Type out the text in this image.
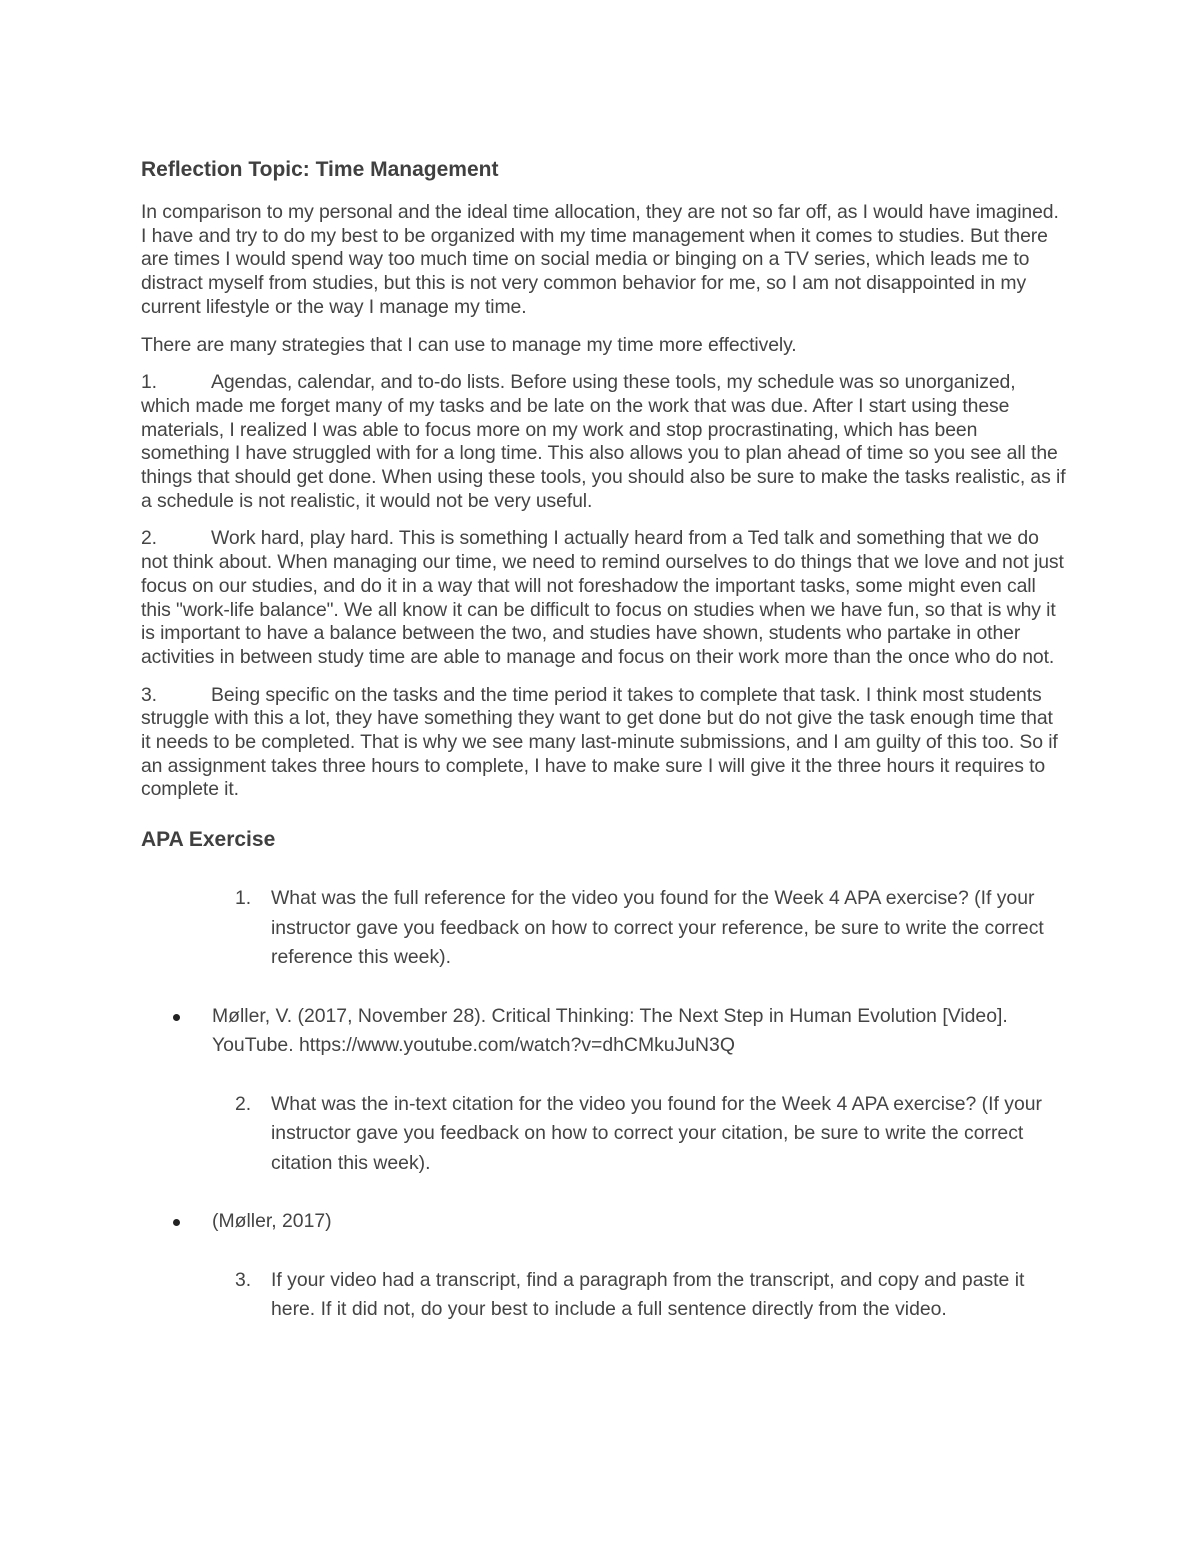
Reflection Topic: Time Management

In comparison to my personal and the ideal time allocation, they are not so far off, as I would have imagined. I have and try to do my best to be organized with my time management when it comes to studies. But there are times I would spend way too much time on social media or binging on a TV series, which leads me to distract myself from studies, but this is not very common behavior for me, so I am not disappointed in my current lifestyle or the way I manage my time.

There are many strategies that I can use to manage my time more effectively.

1.	Agendas, calendar, and to-do lists. Before using these tools, my schedule was so unorganized, which made me forget many of my tasks and be late on the work that was due. After I start using these materials, I realized I was able to focus more on my work and stop procrastinating, which has been something I have struggled with for a long time. This also allows you to plan ahead of time so you see all the things that should get done. When using these tools, you should also be sure to make the tasks realistic, as if a schedule is not realistic, it would not be very useful.

2.	Work hard, play hard. This is something I actually heard from a Ted talk and something that we do not think about. When managing our time, we need to remind ourselves to do things that we love and not just focus on our studies, and do it in a way that will not foreshadow the important tasks, some might even call this "work-life balance". We all know it can be difficult to focus on studies when we have fun, so that is why it is important to have a balance between the two, and studies have shown, students who partake in other activities in between study time are able to manage and focus on their work more than the once who do not.

3.	Being specific on the tasks and the time period it takes to complete that task. I think most students struggle with this a lot, they have something they want to get done but do not give the task enough time that it needs to be completed. That is why we see many last-minute submissions, and I am guilty of this too. So if an assignment takes three hours to complete, I have to make sure I will give it the three hours it requires to complete it.

APA Exercise

1. What was the full reference for the video you found for the Week 4 APA exercise? (If your instructor gave you feedback on how to correct your reference, be sure to write the correct reference this week).

Møller, V. (2017, November 28). Critical Thinking: The Next Step in Human Evolution [Video]. YouTube. https://www.youtube.com/watch?v=dhCMkuJuN3Q

2. What was the in-text citation for the video you found for the Week 4 APA exercise? (If your instructor gave you feedback on how to correct your citation, be sure to write the correct citation this week).

(Møller, 2017)

3. If your video had a transcript, find a paragraph from the transcript, and copy and paste it here. If it did not, do your best to include a full sentence directly from the video.
